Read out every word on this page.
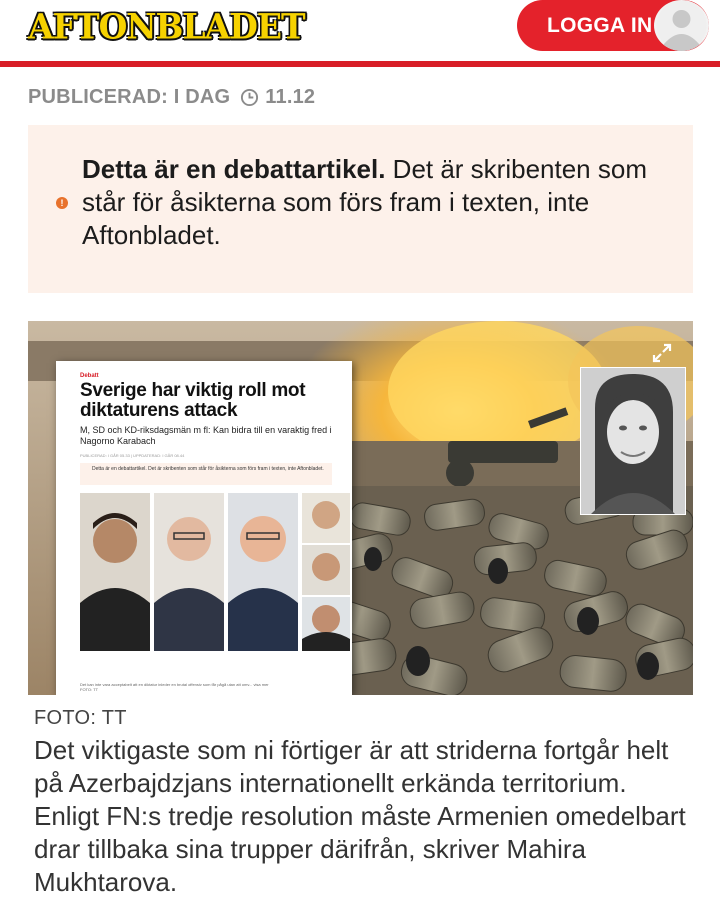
AFTONBLADET	LOGGA IN
PUBLICERAD: I DAG 11.12
!
Detta är en debattartikel. Det är skribenten som står för åsikterna som förs fram i texten, inte Aftonbladet.
Debatt
Sverige har viktig roll mot diktaturens attack
M, SD och KD-riksdagsmän m fl: Kan bidra till en varaktig fred i Nagorno Karabach
PUBLICERAD: I GÅR 05.33 | UPPDATERAD: I GÅR 08.44
Detta är en debattartikel. Det är skribenten som står för åsikterna som förs fram i texten, inte Aftonbladet.
Det kan inte vara acceptabelt att en diktatur inleder en brutal offensiv som får pågå utan att omv... visa mer
FOTO: TT
FOTO: TT
Det viktigaste som ni förtiger är att striderna fortgår helt på Azerbajdzjans internationellt erkända territorium. Enligt FN:s tredje resolution måste Armenien omedelbart drar tillbaka sina trupper därifrån, skriver Mahira Mukhtarova.
